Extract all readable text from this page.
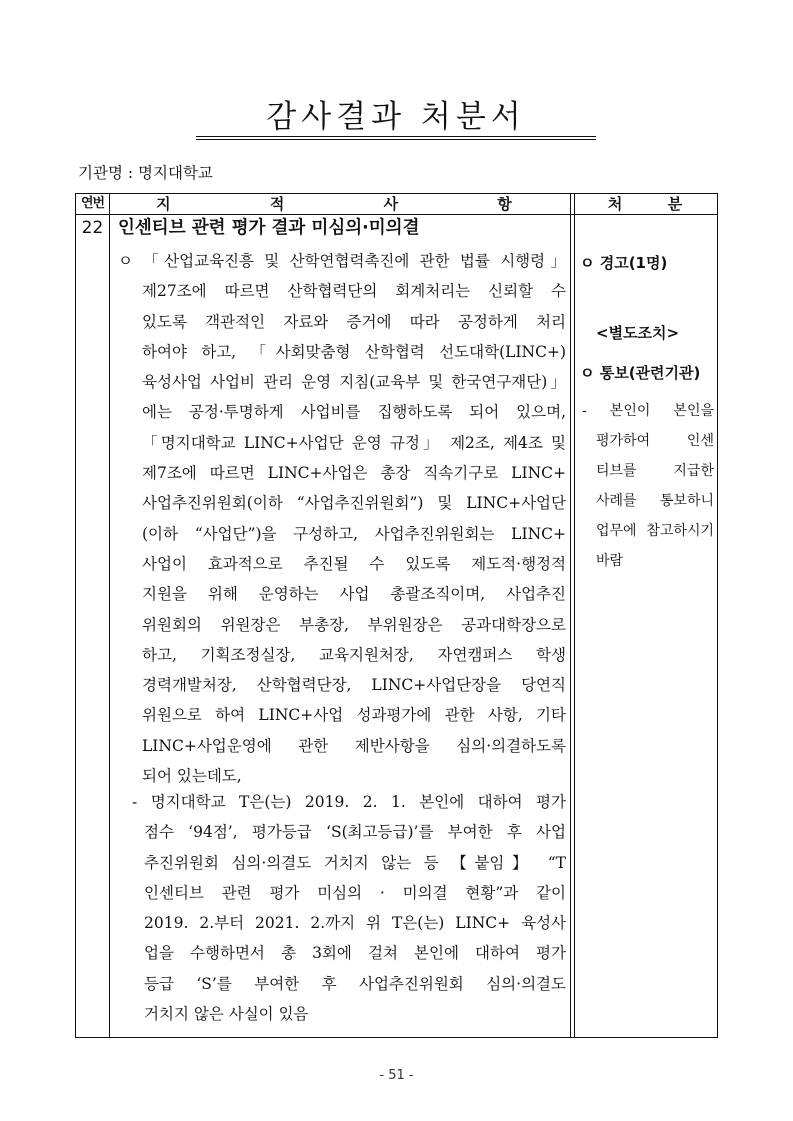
감사결과 처분서
기관명 : 명지대학교
연번	지 적 사 항	처 분
22 인센티브 관련 평가 결과 미심의·미의결
ㅇ 「산업교육진흥 및 산학연협력촉진에 관한 법률 시행령」
제27조에 따르면 산학협력단의 회계처리는 신뢰할 수
있도록 객관적인 자료와 증거에 따라 공정하게 처리
하여야 하고, 「사회맞춤형 산학협력 선도대학(LINC+)
육성사업 사업비 관리 운영 지침(교육부 및 한국연구재단)」
에는 공정·투명하게 사업비를 집행하도록 되어 있으며,
「명지대학교 LINC+사업단 운영 규정」 제2조, 제4조 및
제7조에 따르면 LINC+사업은 총장 직속기구로 LINC+
사업추진위원회(이하 “사업추진위원회”) 및 LINC+사업단
(이하 “사업단”)을 구성하고, 사업추진위원회는 LINC+
사업이 효과적으로 추진될 수 있도록 제도적·행정적
지원을 위해 운영하는 사업 총괄조직이며, 사업추진
위원회의 위원장은 부총장, 부위원장은 공과대학장으로
하고, 기획조정실장, 교육지원처장, 자연캠퍼스 학생
경력개발처장, 산학협력단장, LINC+사업단장을 당연직
위원으로 하여 LINC+사업 성과평가에 관한 사항, 기타
LINC+사업운영에 관한 제반사항을 심의·의결하도록
되어 있는데도,
- 명지대학교 T은(는) 2019. 2. 1. 본인에 대하여 평가
점수 ‘94점’, 평가등급 ‘S(최고등급)’를 부여한 후 사업
추진위원회 심의·의결도 거치지 않는 등 【붙임】 “T
인센티브 관련 평가 미심의 · 미의결 현황”과 같이
2019. 2.부터 2021. 2.까지 위 T은(는) LINC+ 육성사
업을 수행하면서 총 3회에 걸쳐 본인에 대하여 평가
등급 ‘S’를 부여한 후 사업추진위원회 심의·의결도
거치지 않은 사실이 있음
ㅇ 경고(1명)
<별도조치>
ㅇ 통보(관련기관)
- 본인이 본인을
평가하여 인센
티브를 지급한
사례를 통보하니
업무에 참고하시기
바람
- 51 -
